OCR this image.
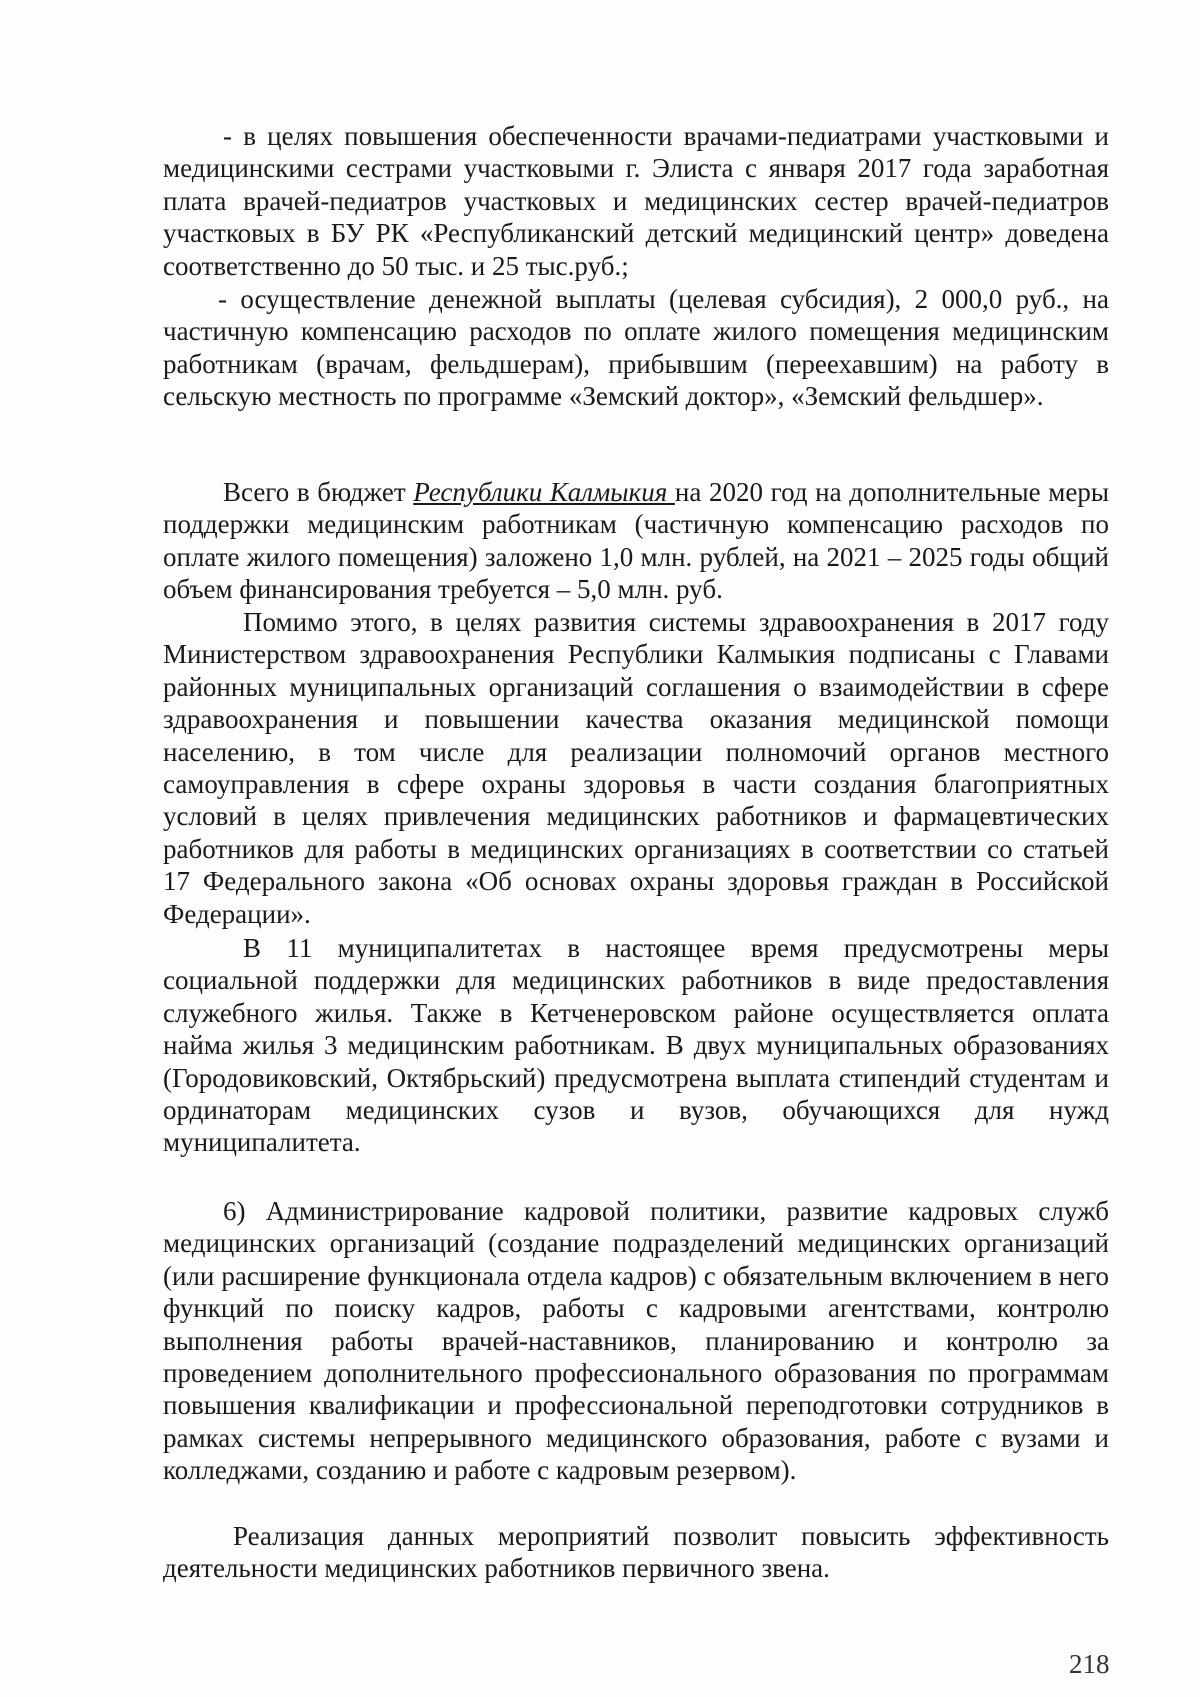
- в целях повышения обеспеченности врачами-педиатрами участковыми и медицинскими сестрами участковыми г. Элиста с января 2017 года заработная плата врачей-педиатров участковых и медицинских сестер врачей-педиатров участковых в БУ РК «Республиканский детский медицинский центр» доведена соответственно до 50 тыс. и 25 тыс.руб.;

- осуществление денежной выплаты (целевая субсидия), 2 000,0 руб., на частичную компенсацию расходов по оплате жилого помещения медицинским работникам (врачам, фельдшерам), прибывшим (переехавшим) на работу в сельскую местность по программе «Земский доктор», «Земский фельдшер».

Всего в бюджет Республики Калмыкия на 2020 год на дополнительные меры поддержки медицинским работникам (частичную компенсацию расходов по оплате жилого помещения) заложено 1,0 млн. рублей, на 2021 – 2025 годы общий объем финансирования требуется – 5,0 млн. руб.

Помимо этого, в целях развития системы здравоохранения в 2017 году Министерством здравоохранения Республики Калмыкия подписаны с Главами районных муниципальных организаций соглашения о взаимодействии в сфере здравоохранения и повышении качества оказания медицинской помощи населению, в том числе для реализации полномочий органов местного самоуправления в сфере охраны здоровья в части создания благоприятных условий в целях привлечения медицинских работников и фармацевтических работников для работы в медицинских организациях в соответствии со статьей 17 Федерального закона «Об основах охраны здоровья граждан в Российской Федерации».

В 11 муниципалитетах в настоящее время предусмотрены меры социальной поддержки для медицинских работников в виде предоставления служебного жилья. Также в Кетченеровском районе осуществляется оплата найма жилья 3 медицинским работникам. В двух муниципальных образованиях (Городовиковский, Октябрьский) предусмотрена выплата стипендий студентам и ординаторам медицинских сузов и вузов, обучающихся для нужд муниципалитета.

6) Администрирование кадровой политики, развитие кадровых служб медицинских организаций (создание подразделений медицинских организаций (или расширение функционала отдела кадров) с обязательным включением в него функций по поиску кадров, работы с кадровыми агентствами, контролю выполнения работы врачей-наставников, планированию и контролю за проведением дополнительного профессионального образования по программам повышения квалификации и профессиональной переподготовки сотрудников в рамках системы непрерывного медицинского образования, работе с вузами и колледжами, созданию и работе с кадровым резервом).

Реализация данных мероприятий позволит повысить эффективность деятельности медицинских работников первичного звена.

218
